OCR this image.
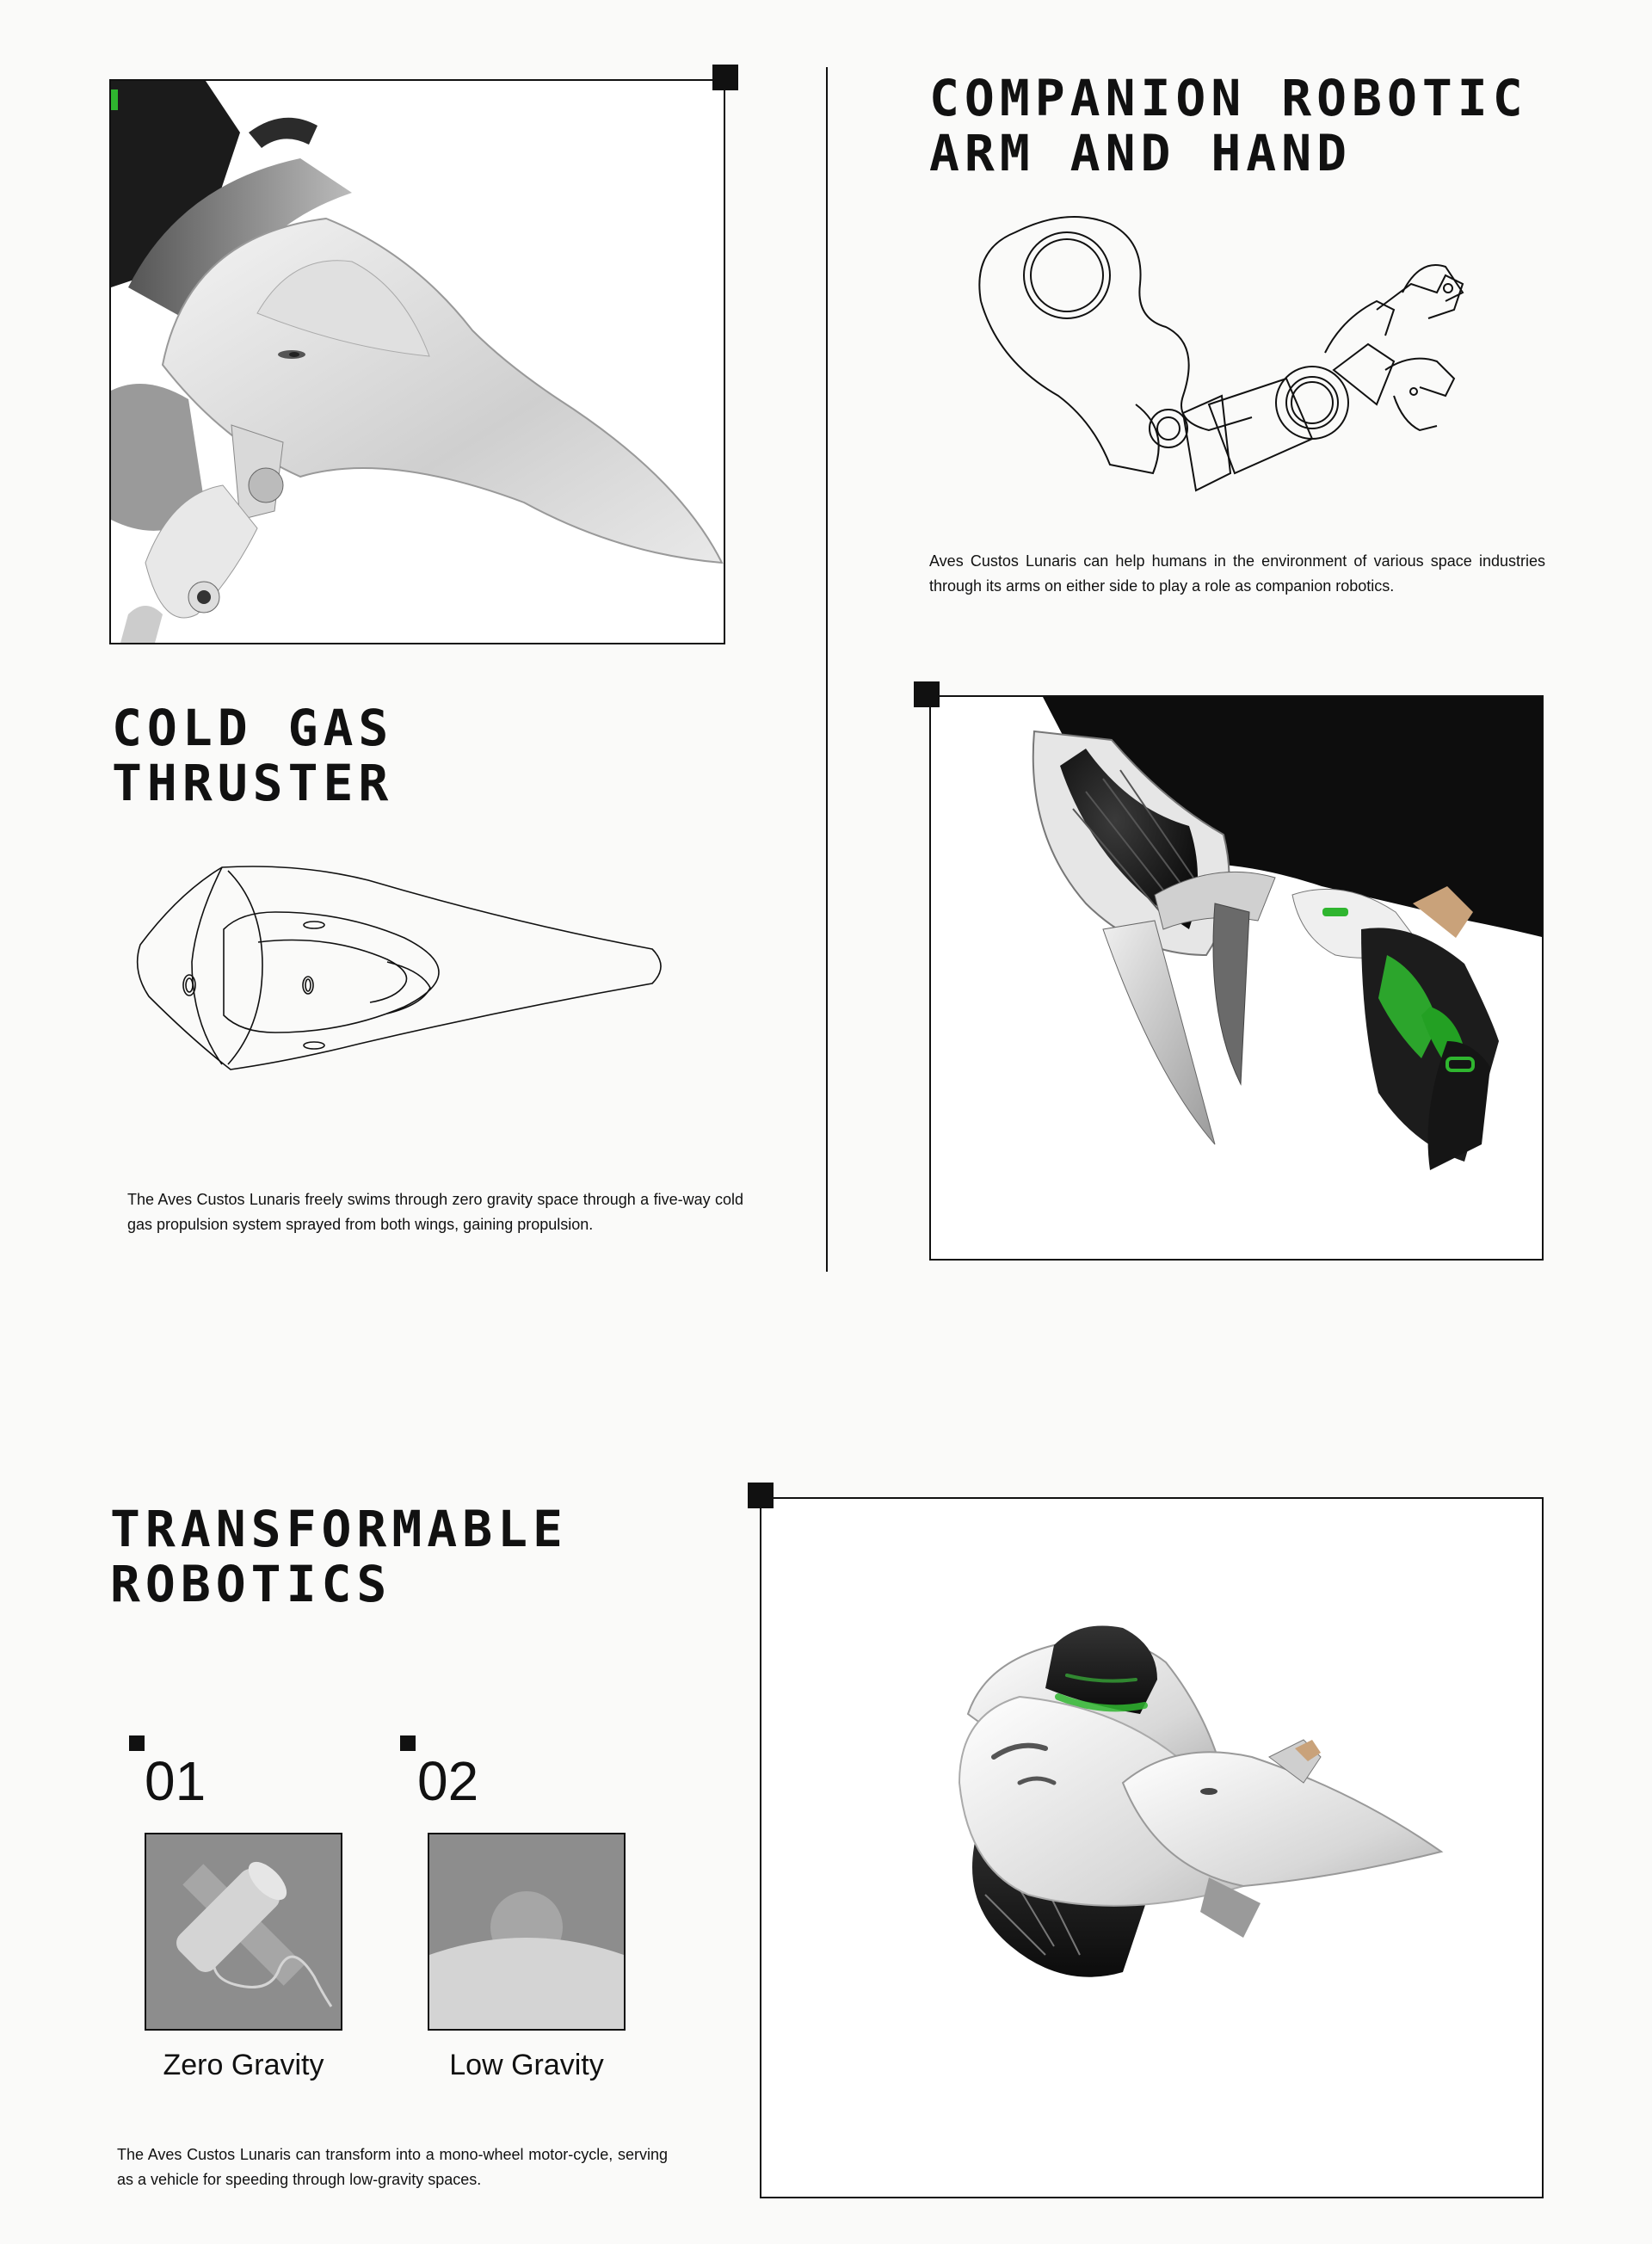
COMPANION ROBOTIC
ARM AND HAND

Aves Custos Lunaris can help humans in the environment of various space industries through its arms on either side to play a role as companion robotics.

COLD GAS
THRUSTER

The Aves Custos Lunaris freely swims through zero gravity space through a five-way cold gas propulsion system sprayed from both wings, gaining propulsion.

TRANSFORMABLE
ROBOTICS
01
Zero Gravity
02
Low Gravity

The Aves Custos Lunaris can transform into a mono-wheel motor-cycle, serving as a vehicle for speeding through low-gravity spaces.
